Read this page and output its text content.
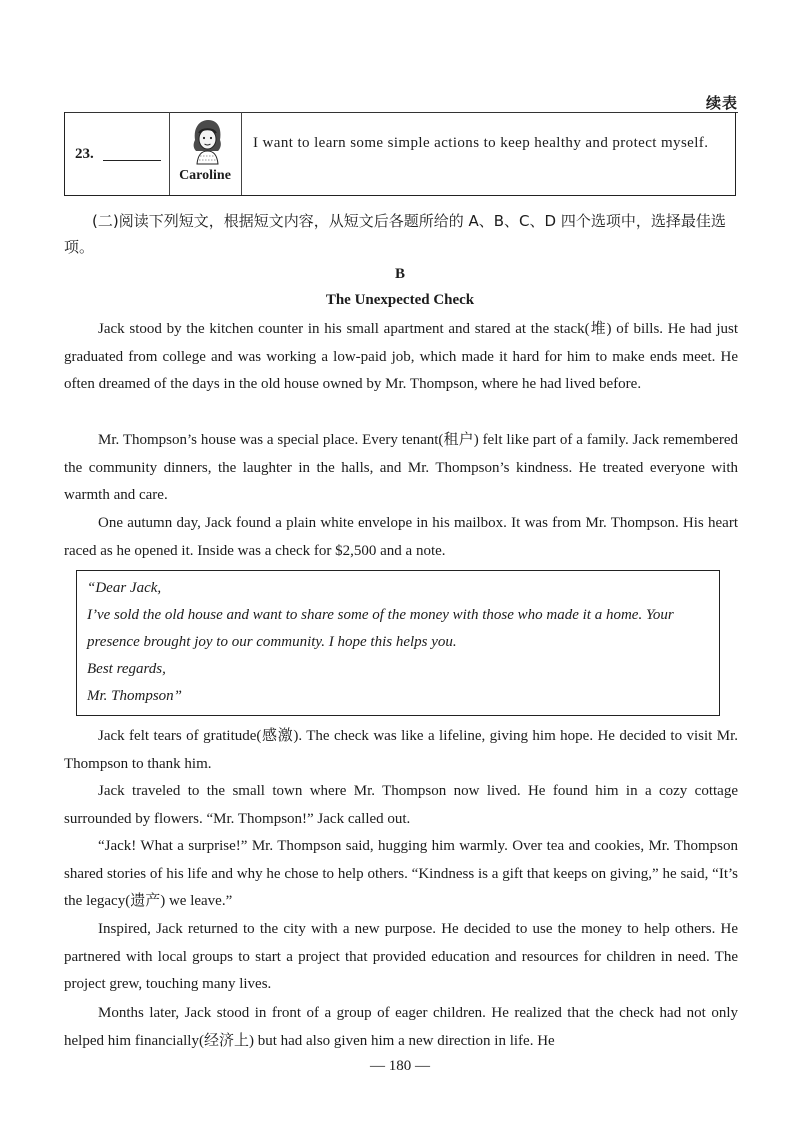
续表
23.
Caroline
I want to learn some simple actions to keep healthy and protect myself.
(二)阅读下列短文，根据短文内容，从短文后各题所给的 A、B、C、D 四个选项中，选择最佳选项。
B
The Unexpected Check
Jack stood by the kitchen counter in his small apartment and stared at the stack(堆) of bills. He had just graduated from college and was working a low-paid job, which made it hard for him to make ends meet. He often dreamed of the days in the old house owned by Mr. Thompson, where he had lived before.
Mr. Thompson’s house was a special place. Every tenant(租户) felt like part of a family. Jack remembered the community dinners, the laughter in the halls, and Mr. Thompson’s kindness. He treated everyone with warmth and care.
One autumn day, Jack found a plain white envelope in his mailbox. It was from Mr. Thompson. His heart raced as he opened it. Inside was a check for $2,500 and a note.

“Dear Jack,

I’ve sold the old house and want to share some of the money with those who made it a home. Your presence brought joy to our community. I hope this helps you.

Best regards,

Mr. Thompson”

Jack felt tears of gratitude(感激). The check was like a lifeline, giving him hope. He decided to visit Mr. Thompson to thank him.
Jack traveled to the small town where Mr. Thompson now lived. He found him in a cozy cottage surrounded by flowers. “Mr. Thompson!” Jack called out.
“Jack! What a surprise!” Mr. Thompson said, hugging him warmly. Over tea and cookies, Mr. Thompson shared stories of his life and why he chose to help others. “Kindness is a gift that keeps on giving,” he said, “It’s the legacy(遗产) we leave.”
Inspired, Jack returned to the city with a new purpose. He decided to use the money to help others. He partnered with local groups to start a project that provided education and resources for children in need. The project grew, touching many lives.
Months later, Jack stood in front of a group of eager children. He realized that the check had not only helped him financially(经济上) but had also given him a new direction in life. He
— 180 —
